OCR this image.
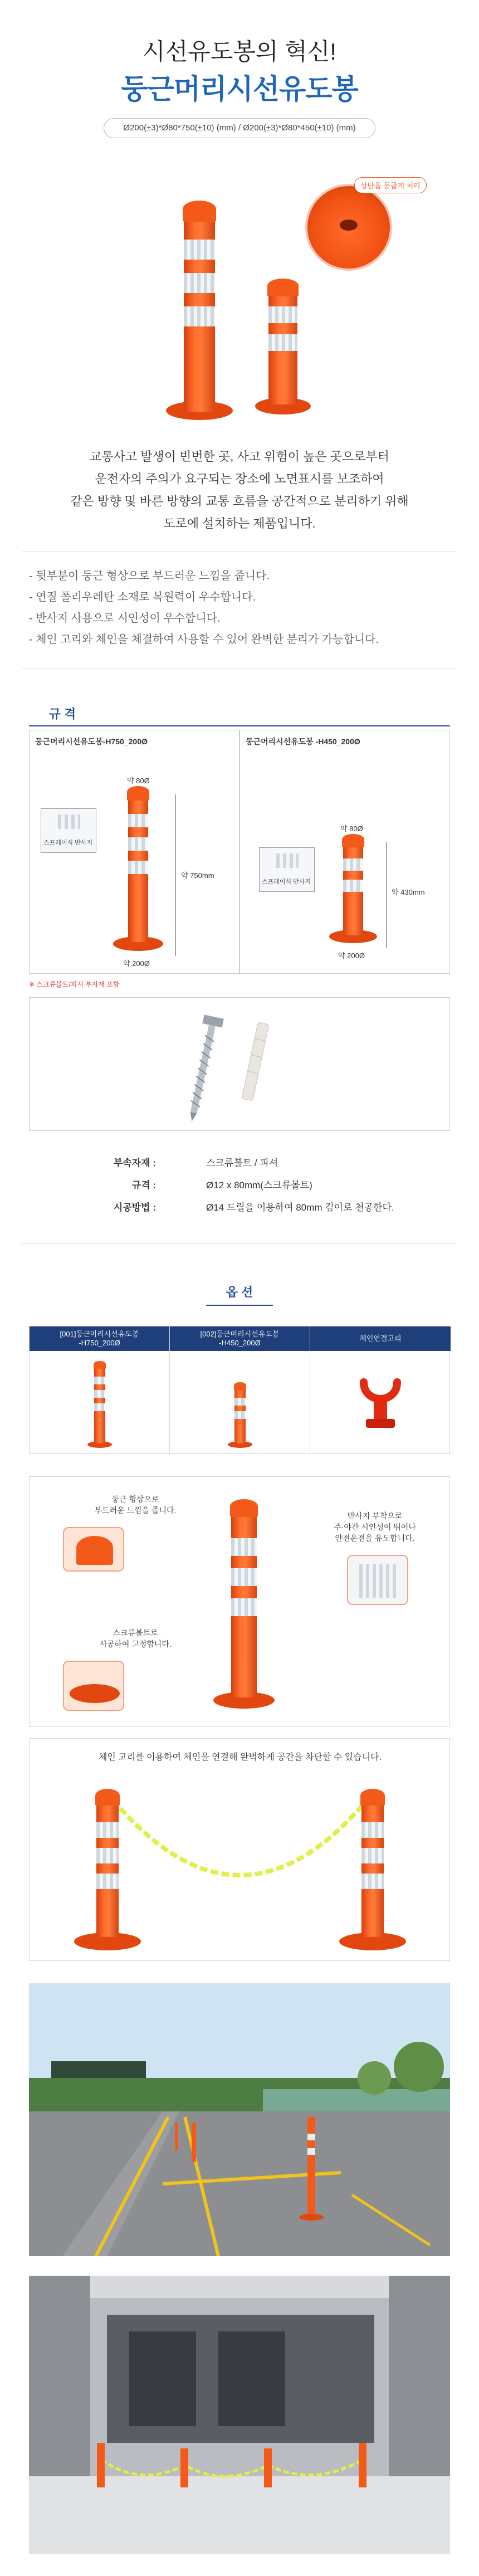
시선유도봉의 혁신!
둥근머리시선유도봉
Ø200(±3)*Ø80*750(±10) (mm) / Ø200(±3)*Ø80*450(±10) (mm)
상단을 둥글게 처리
교통사고 발생이 빈번한 곳, 사고 위험이 높은 곳으로부터
운전자의 주의가 요구되는 장소에 노면표시를 보조하여
같은 방향 및 바른 방향의 교통 흐름을 공간적으로 분리하기 위해
도로에 설치하는 제품입니다.
- 뒷부분이 둥근 형상으로 부드러운 느낌을 줍니다.
- 연질 폴리우레탄 소재로 복원력이 우수합니다.
- 반사지 사용으로 시인성이 우수합니다.
- 체인 고리와 체인을 체결하여 사용할 수 있어 완벽한 분리가 가능합니다.
규 격
둥근머리시선유도봉-H750_200Ø
약 80Ø
스프레이식 반사지
약 750mm
약 200Ø
둥근머리시선유도봉 -H450_200Ø
약 80Ø
스프레이식 반사지
약 430mm
약 200Ø
※ 스크류볼트/피셔 부자재 포함
부속자재 :	스크류볼트 / 피셔
규격 :	Ø12 x 80mm(스크류볼트)
시공방법 :	Ø14 드릴을 이용하여 80mm 깊이로 천공한다.
옵 션
[001]둥근머리시선유도봉
-H750_200Ø
[002]둥근머리시선유도봉
-H450_200Ø
체인연결고리
둥근 형상으로
부드러운 느낌을 줍니다.
반사지 부착으로
주·야간 시인성이 뛰어나
안전운전을 유도합니다.
스크류볼트로
시공하여 고정합니다.
체인 고리를 이용하여 체인을 연결해 완벽하게 공간을 차단할 수 있습니다.
